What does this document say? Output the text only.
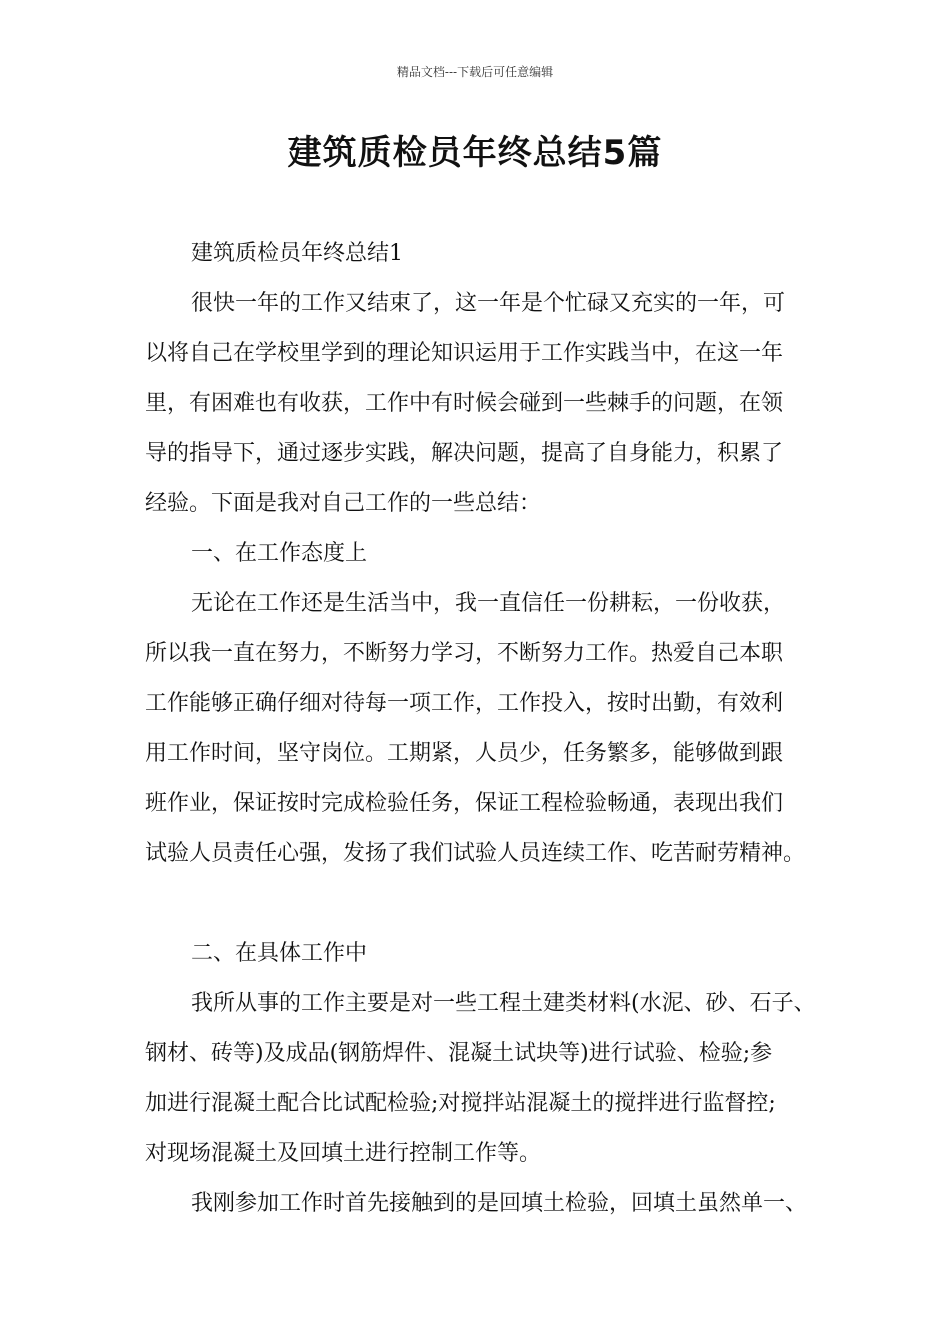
精品文档---下载后可任意编辑
建筑质检员年终总结5篇
建筑质检员年终总结1
很快一年的工作又结束了，这一年是个忙碌又充实的一年，可
以将自己在学校里学到的理论知识运用于工作实践当中，在这一年
里，有困难也有收获，工作中有时候会碰到一些棘手的问题，在领
导的指导下，通过逐步实践，解决问题，提高了自身能力，积累了
经验。下面是我对自己工作的一些总结：
一、在工作态度上
无论在工作还是生活当中，我一直信任一份耕耘，一份收获，
所以我一直在努力，不断努力学习，不断努力工作。热爱自己本职
工作能够正确仔细对待每一项工作，工作投入，按时出勤，有效利
用工作时间，坚守岗位。工期紧，人员少，任务繁多，能够做到跟
班作业，保证按时完成检验任务，保证工程检验畅通，表现出我们
试验人员责任心强，发扬了我们试验人员连续工作、吃苦耐劳精神。
二、在具体工作中
我所从事的工作主要是对一些工程土建类材料(水泥、砂、石子、
钢材、砖等)及成品(钢筋焊件、混凝土试块等)进行试验、检验;参
加进行混凝土配合比试配检验;对搅拌站混凝土的搅拌进行监督控;
对现场混凝土及回填土进行控制工作等。
我刚参加工作时首先接触到的是回填土检验，回填土虽然单一、
